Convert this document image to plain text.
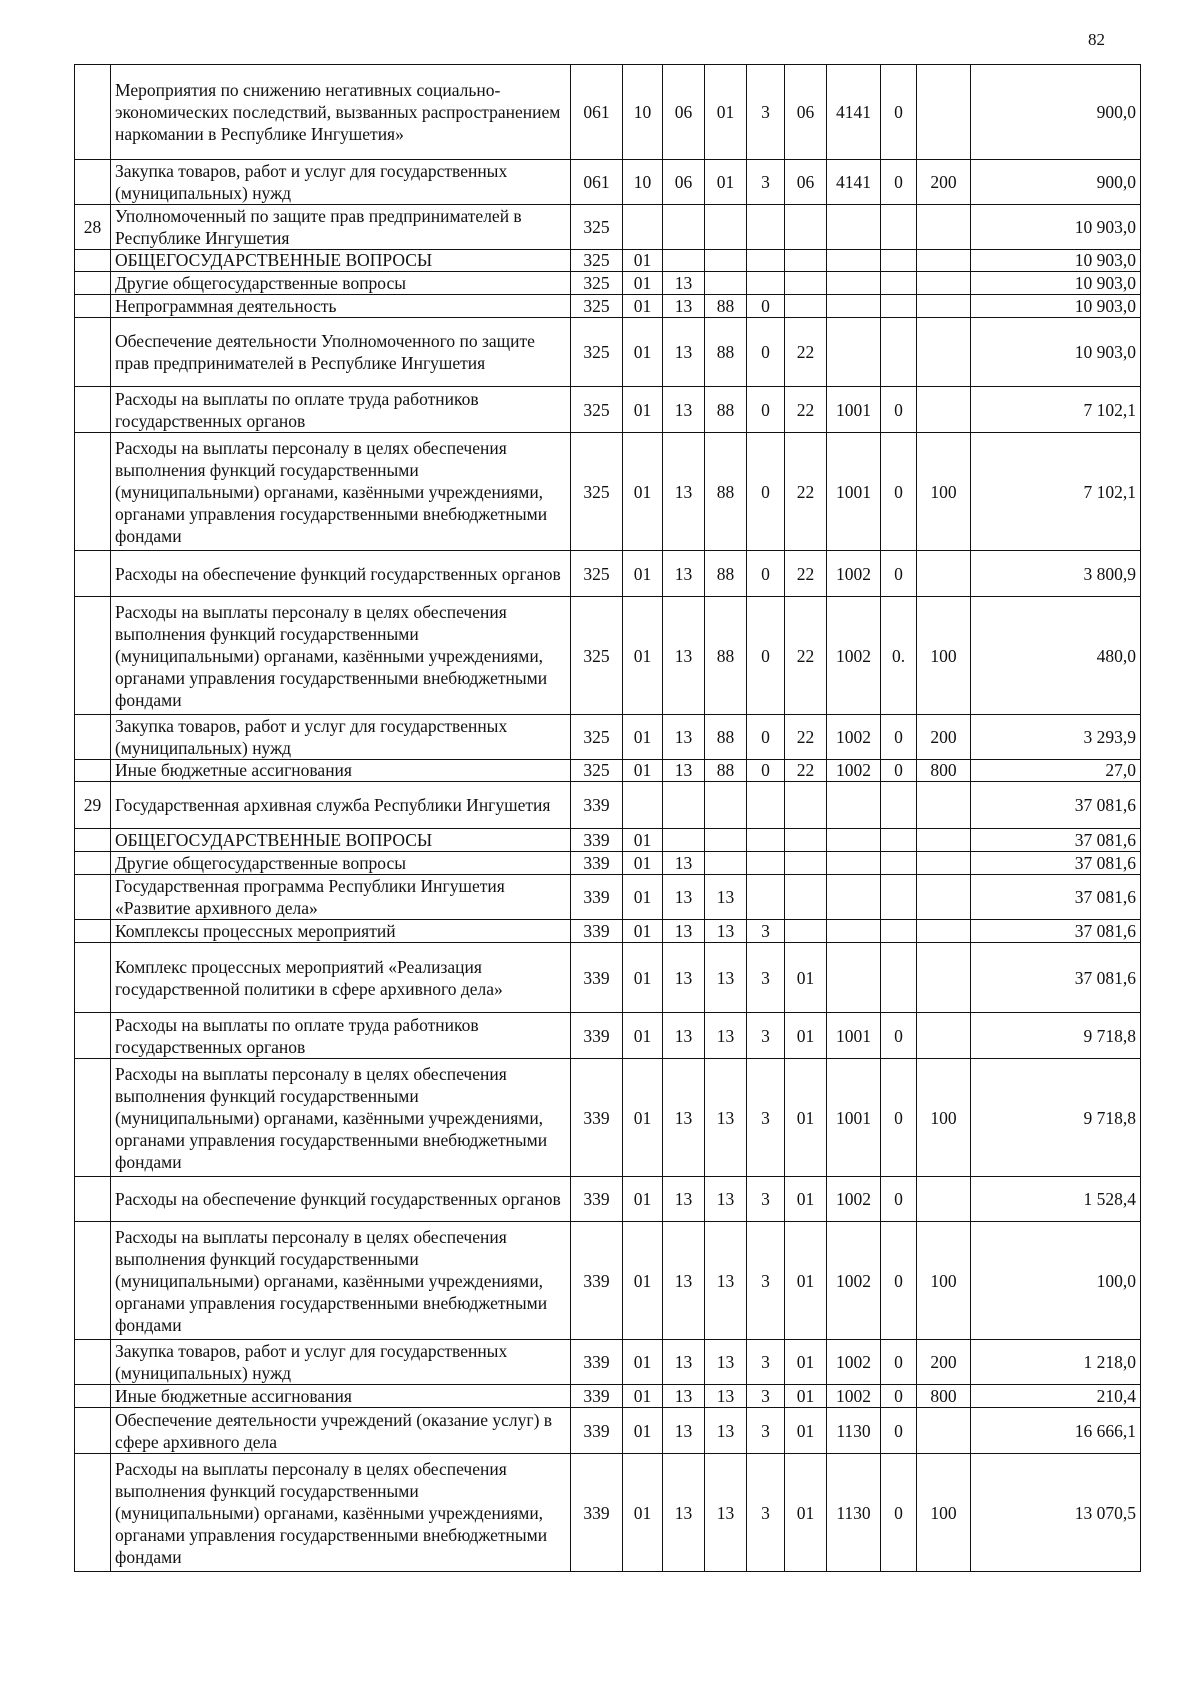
82
	Мероприятия по снижению негативных социально-экономических последствий, вызванных распространением наркомании в Республике Ингушетия»	061	10	06	01	3	06	4141	0		900,0
	Закупка товаров, работ и услуг для государственных (муниципальных) нужд	061	10	06	01	3	06	4141	0	200	900,0
28	Уполномоченный по защите прав предпринимателей в Республике Ингушетия	325									10 903,0
	ОБЩЕГОСУДАРСТВЕННЫЕ ВОПРОСЫ	325	01								10 903,0
	Другие общегосударственные вопросы	325	01	13							10 903,0
	Непрограммная деятельность	325	01	13	88	0					10 903,0
	Обеспечение деятельности Уполномоченного по защите прав предпринимателей в Республике Ингушетия	325	01	13	88	0	22				10 903,0
	Расходы на выплаты по оплате труда работников государственных органов	325	01	13	88	0	22	1001	0		7 102,1
	Расходы на выплаты персоналу в целях обеспечения выполнения функций государственными (муниципальными) органами, казёнными учреждениями, органами управления государственными внебюджетными фондами	325	01	13	88	0	22	1001	0	100	7 102,1
	Расходы на обеспечение функций государственных органов	325	01	13	88	0	22	1002	0		3 800,9
	Расходы на выплаты персоналу в целях обеспечения выполнения функций государственными (муниципальными) органами, казёнными учреждениями, органами управления государственными внебюджетными фондами	325	01	13	88	0	22	1002	0.	100	480,0
	Закупка товаров, работ и услуг для государственных (муниципальных) нужд	325	01	13	88	0	22	1002	0	200	3 293,9
	Иные бюджетные ассигнования	325	01	13	88	0	22	1002	0	800	27,0
29	Государственная архивная служба Республики Ингушетия	339									37 081,6
	ОБЩЕГОСУДАРСТВЕННЫЕ ВОПРОСЫ	339	01								37 081,6
	Другие общегосударственные вопросы	339	01	13							37 081,6
	Государственная программа Республики Ингушетия «Развитие архивного дела»	339	01	13	13						37 081,6
	Комплексы процессных мероприятий	339	01	13	13	3					37 081,6
	Комплекс процессных мероприятий «Реализация государственной политики в сфере архивного дела»	339	01	13	13	3	01				37 081,6
	Расходы на выплаты по оплате труда работников государственных органов	339	01	13	13	3	01	1001	0		9 718,8
	Расходы на выплаты персоналу в целях обеспечения выполнения функций государственными (муниципальными) органами, казёнными учреждениями, органами управления государственными внебюджетными фондами	339	01	13	13	3	01	1001	0	100	9 718,8
	Расходы на обеспечение функций государственных органов	339	01	13	13	3	01	1002	0		1 528,4
	Расходы на выплаты персоналу в целях обеспечения выполнения функций государственными (муниципальными) органами, казёнными учреждениями, органами управления государственными внебюджетными фондами	339	01	13	13	3	01	1002	0	100	100,0
	Закупка товаров, работ и услуг для государственных (муниципальных) нужд	339	01	13	13	3	01	1002	0	200	1 218,0
	Иные бюджетные ассигнования	339	01	13	13	3	01	1002	0	800	210,4
	Обеспечение деятельности учреждений (оказание услуг) в сфере архивного дела	339	01	13	13	3	01	1130	0		16 666,1
	Расходы на выплаты персоналу в целях обеспечения выполнения функций государственными (муниципальными) органами, казёнными учреждениями, органами управления государственными внебюджетными фондами	339	01	13	13	3	01	1130	0	100	13 070,5
